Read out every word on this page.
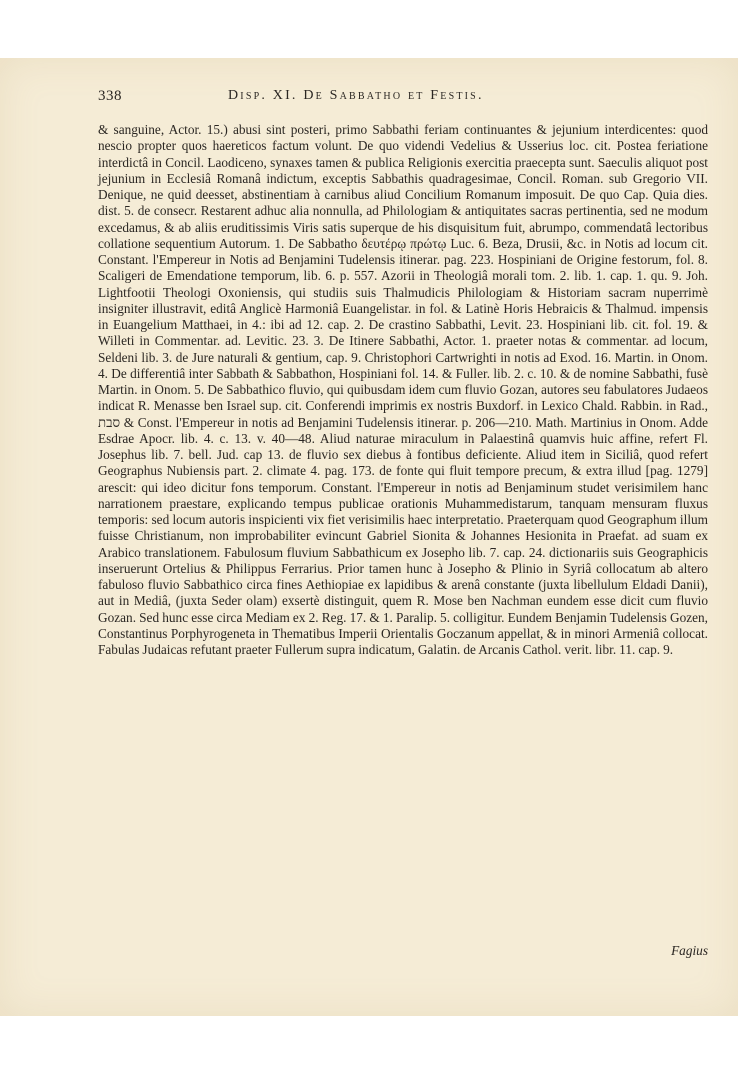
338	Disp. XI. De Sabbatho et Festis.

& sanguine, Actor. 15.) abusi sint posteri, primo Sabbathi feriam continuantes & jejunium interdicentes: quod nescio propter quos haereticos factum volunt. De quo videndi Vedelius & Usserius loc. cit. Postea feriatione interdictâ in Concil. Laodiceno, synaxes tamen & publica Religionis exercitia praecepta sunt. Saeculis aliquot post jejunium in Ecclesiâ Romanâ indictum, exceptis Sabbathis quadragesimae, Concil. Roman. sub Gregorio VII. Denique, ne quid deesset, abstinentiam à carnibus aliud Concilium Romanum imposuit. De quo Cap. Quia dies. dist. 5. de consecr. Restarent adhuc alia nonnulla, ad Philologiam & antiquitates sacras pertinentia, sed ne modum excedamus, & ab aliis eruditissimis Viris satis superque de his disquisitum fuit, abrumpo, commendatâ lectoribus collatione sequentium Autorum. 1. De Sabbatho δευτέρῳ πρώτῳ Luc. 6. Beza, Drusii, &c. in Notis ad locum cit. Constant. l'Empereur in Notis ad Benjamini Tudelensis itinerar. pag. 223. Hospiniani de Origine festorum, fol. 8. Scaligeri de Emendatione temporum, lib. 6. p. 557. Azorii in Theologiâ morali tom. 2. lib. 1. cap. 1. qu. 9. Joh. Lightfootii Theologi Oxoniensis, qui studiis suis Thalmudicis Philologiam & Historiam sacram nuperrimè insigniter illustravit, editâ Anglicè Harmoniâ Euangelistar. in fol. & Latinè Horis Hebraicis & Thalmud. impensis in Euangelium Matthaei, in 4.: ibi ad 12. cap. 2. De crastino Sabbathi, Levit. 23. Hospiniani lib. cit. fol. 19. & Willeti in Commentar. ad. Levitic. 23. 3. De Itinere Sabbathi, Actor. 1. praeter notas & commentar. ad locum, Seldeni lib. 3. de Jure naturali & gentium, cap. 9. Christophori Cartwrighti in notis ad Exod. 16. Martin. in Onom. 4. De differentiâ inter Sabbath & Sabbathon, Hospiniani fol. 14. & Fuller. lib. 2. c. 10. & de nomine Sabbathi, fusè Martin. in Onom. 5. De Sabbathico fluvio, qui quibusdam idem cum fluvio Gozan, autores seu fabulatores Judaeos indicat R. Menasse ben Israel sup. cit. Conferendi imprimis ex nostris Buxdorf. in Lexico Chald. Rabbin. in Rad., סבת & Const. l'Empereur in notis ad Benjamini Tudelensis itinerar. p. 206—210. Math. Martinius in Onom. Adde Esdrae Apocr. lib. 4. c. 13. v. 40—48. Aliud naturae miraculum in Palaestinâ quamvis huic affine, refert Fl. Josephus lib. 7. bell. Jud. cap 13. de fluvio sex diebus à fontibus deficiente. Aliud item in Siciliâ, quod refert Geographus Nubiensis part. 2. climate 4. pag. 173. de fonte qui fluit tempore precum, & extra illud [pag. 1279] arescit: qui ideo dicitur fons temporum. Constant. l'Empereur in notis ad Benjaminum studet verisimilem hanc narrationem praestare, explicando tempus publicae orationis Muhammedistarum, tanquam mensuram fluxus temporis: sed locum autoris inspicienti vix fiet verisimilis haec interpretatio. Praeterquam quod Geographum illum fuisse Christianum, non improbabiliter evincunt Gabriel Sionita & Johannes Hesionita in Praefat. ad suam ex Arabico translationem. Fabulosum fluvium Sabbathicum ex Josepho lib. 7. cap. 24. dictionariis suis Geographicis inseruerunt Ortelius & Philippus Ferrarius. Prior tamen hunc à Josepho & Plinio in Syriâ collocatum ab altero fabuloso fluvio Sabbathico circa fines Aethiopiae ex lapidibus & arenâ constante (juxta libellulum Eldadi Danii), aut in Mediâ, (juxta Seder olam) exsertè distinguit, quem R. Mose ben Nachman eundem esse dicit cum fluvio Gozan. Sed hunc esse circa Mediam ex 2. Reg. 17. & 1. Paralip. 5. colligitur. Eundem Benjamin Tudelensis Gozen, Constantinus Porphyrogeneta in Thematibus Imperii Orientalis Goczanum appellat, & in minori Armeniâ collocat. Fabulas Judaicas refutant praeter Fullerum supra indicatum, Galatin. de Arcanis Cathol. verit. libr. 11. cap. 9.

Fagius
